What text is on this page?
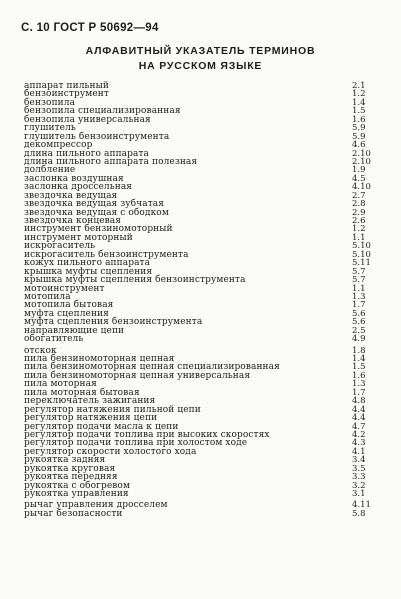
С. 10 ГОСТ Р 50692—94
АЛФАВИТНЫЙ УКАЗАТЕЛЬ ТЕРМИНОВ
НА РУССКОМ ЯЗЫКЕ
аппарат пильный	2.1
бензоинструмент	1.2
бензопила	1.4
бензопила специализированная	1.5
бензопила универсальная	1.6
глушитель	5.9
глушитель бензоинструмента	5.9
декомпрессор	4.6
длина пильного аппарата	2.10
длина пильного аппарата полезная	2.10
долбление	1.9
заслонка воздушная	4.5
заслонка дроссельная	4.10
звездочка ведущая	2.7
звездочка ведущая зубчатая	2.8
звездочка ведущая с ободком	2.9
звездочка концевая	2.6
инструмент бензиномоторный	1.2
инструмент моторный	1.1
искрогаситель	5.10
искрогаситель бензоинструмента	5.10
кожух пильного аппарата	5.11
крышка муфты сцепления	5.7
крышка муфты сцепления бензоинструмента	5.7
мотоинструмент	1.1
мотопила	1.3
мотопила бытовая	1.7
муфта сцепления	5.6
муфта сцепления бензоинструмента	5.6
направляющие цепи	2.5
обогатитель	4.9
отскок	1.8
пила бензиномоторная цепная	1.4
пила бензиномоторная цепная специализированная	1.5
пила бензиномоторная цепная универсальная	1.6
пила моторная	1.3
пила моторная бытовая	1.7
переключатель зажигания	4.8
регулятор натяжения пильной цепи	4.4
регулятор натяжения цепи	4.4
регулятор подачи масла к цепи	4.7
регулятор подачи топлива при высоких скоростях	4.2
регулятор подачи топлива при холостом ходе	4.3
регулятор скорости холостого хода	4.1
рукоятка задняя	3.4
рукоятка круговая	3.5
рукоятка передняя	3.3
рукоятка с обогревом	3.2
рукоятка управления	3.1
рычаг управления дросселем	4.11
рычаг безопасности	5.8
